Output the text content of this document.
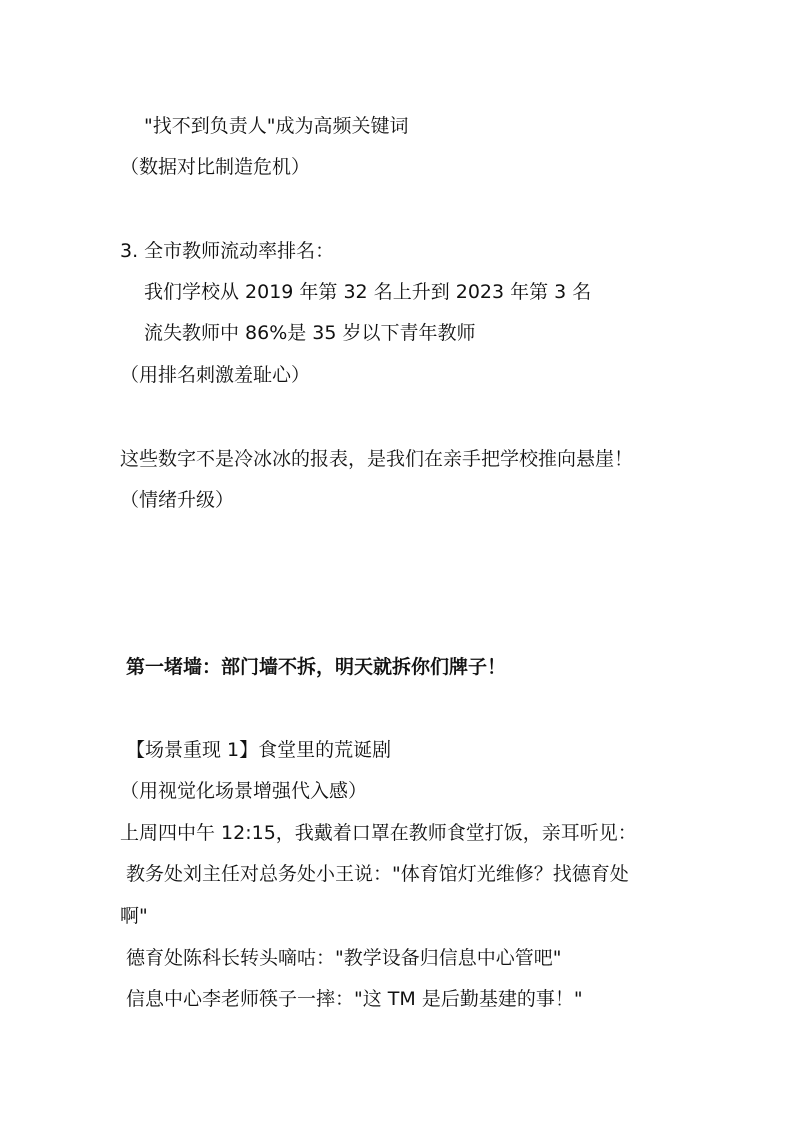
"找不到负责人"成为高频关键词
（数据对比制造危机）
3. 全市教师流动率排名：
我们学校从 2019 年第 32 名上升到 2023 年第 3 名
流失教师中 86%是 35 岁以下青年教师
（用排名刺激羞耻心）
这些数字不是冷冰冰的报表，是我们在亲手把学校推向悬崖！
（情绪升级）
第一堵墙：部门墙不拆，明天就拆你们牌子！
【场景重现 1】食堂里的荒诞剧
（用视觉化场景增强代入感）
上周四中午 12:15，我戴着口罩在教师食堂打饭，亲耳听见：
教务处刘主任对总务处小王说："体育馆灯光维修？找德育处
啊"
德育处陈科长转头嘀咕："教学设备归信息中心管吧"
信息中心李老师筷子一摔："这 TM 是后勤基建的事！"
